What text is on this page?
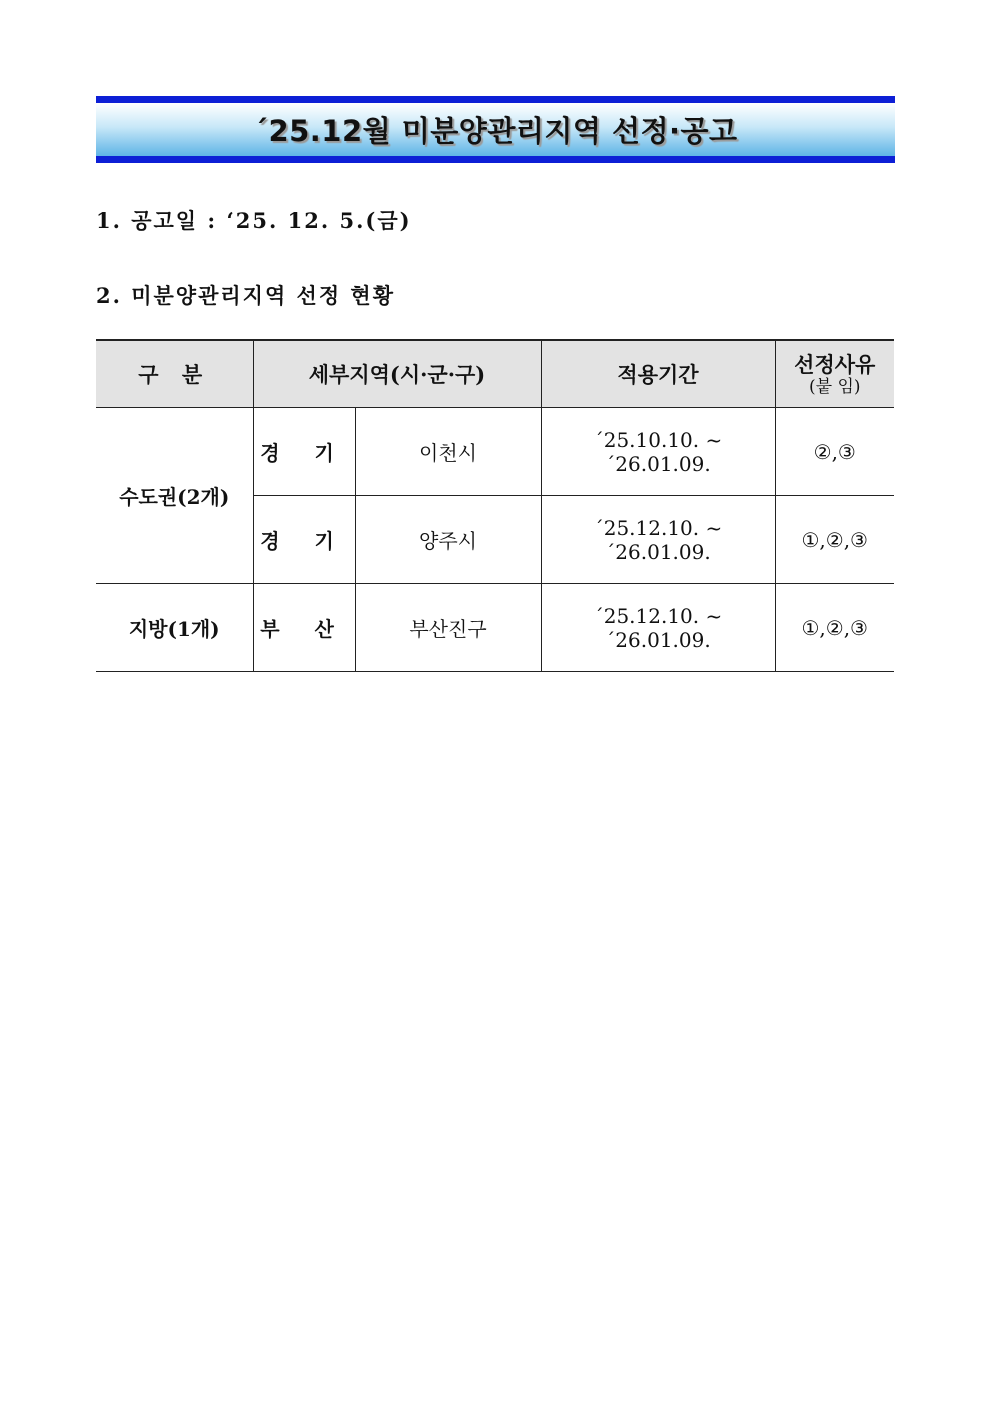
´25.12월 미분양관리지역 선정·공고
1. 공고일 : ‘25. 12. 5.(금)
2. 미분양관리지역 선정 현황
구 분	세부지역(시·군·구)		적용기간	선정사유
(붙 임)

수도권(2개)	경 기	이천시	´25.10.10. ~´26.01.09.	②,③
	경 기	양주시	´25.12.10. ~´26.01.09.	①,②,③
지방(1개)	부 산	부산진구	´25.12.10. ~´26.01.09.	①,②,③
